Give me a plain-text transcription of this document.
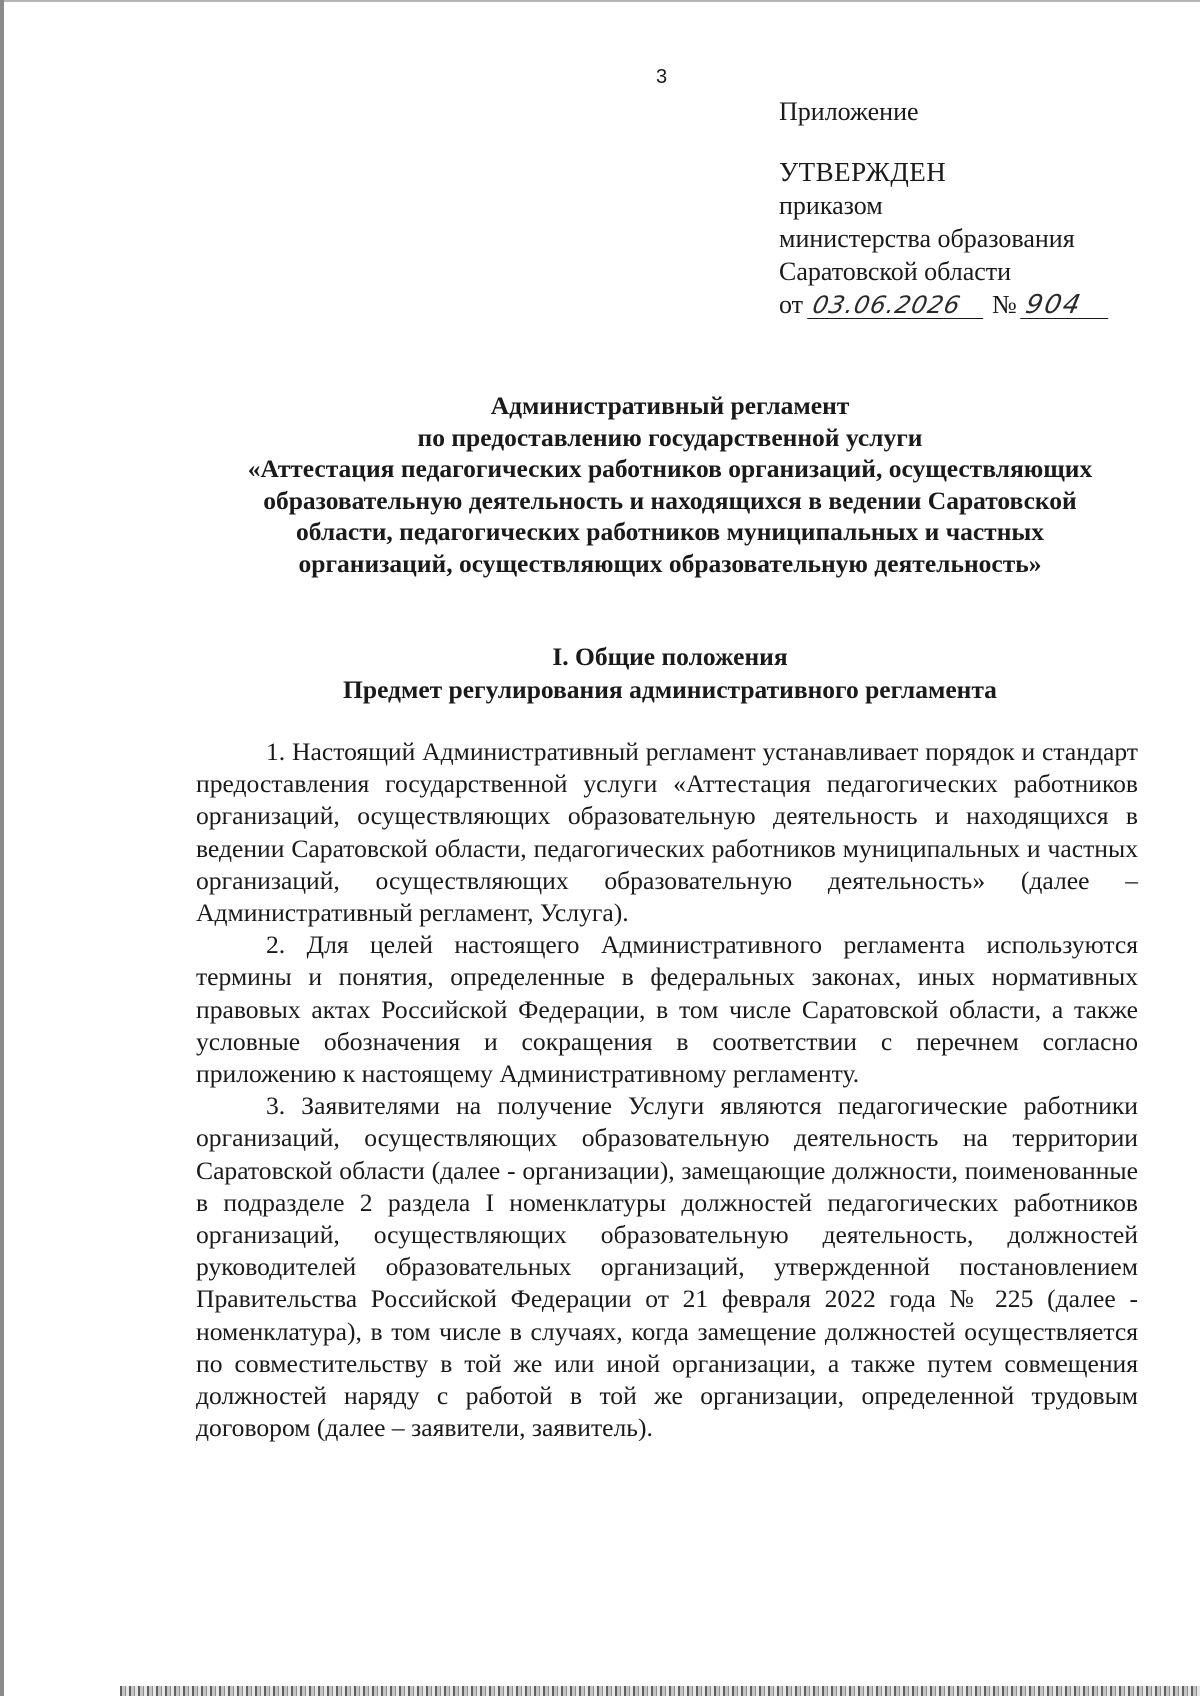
3
Приложение
УТВЕРЖДЕН
приказом
министерства образования
Саратовской области
от 03.06.2026 № 904
Административный регламент
по предоставлению государственной услуги
«Аттестация педагогических работников организаций, осуществляющих
образовательную деятельность и находящихся в ведении Саратовской
области, педагогических работников муниципальных и частных
организаций, осуществляющих образовательную деятельность»
I. Общие положения
Предмет регулирования административного регламента

1. Настоящий Административный регламент устанавливает порядок и стандарт предоставления государственной услуги «Аттестация педагогических работников организаций, осуществляющих образовательную деятельность и находящихся в ведении Саратовской области, педагогических работников муниципальных и частных организаций, осуществляющих образовательную деятельность» (далее – Административный регламент, Услуга).

2. Для целей настоящего Административного регламента используются термины и понятия, определенные в федеральных законах, иных нормативных правовых актах Российской Федерации, в том числе Саратовской области, а также условные обозначения и сокращения в соответствии с перечнем согласно приложению к настоящему Административному регламенту.

3. Заявителями на получение Услуги являются педагогические работники организаций, осуществляющих образовательную деятельность на территории Саратовской области (далее - организации), замещающие должности, поименованные в подразделе 2 раздела I номенклатуры должностей педагогических работников организаций, осуществляющих образовательную деятельность, должностей руководителей образовательных организаций, утвержденной постановлением Правительства Российской Федерации от 21 февраля 2022 года № 225 (далее - номенклатура), в том числе в случаях, когда замещение должностей осуществляется по совместительству в той же или иной организации, а также путем совмещения должностей наряду с работой в той же организации, определенной трудовым договором (далее – заявители, заявитель).
